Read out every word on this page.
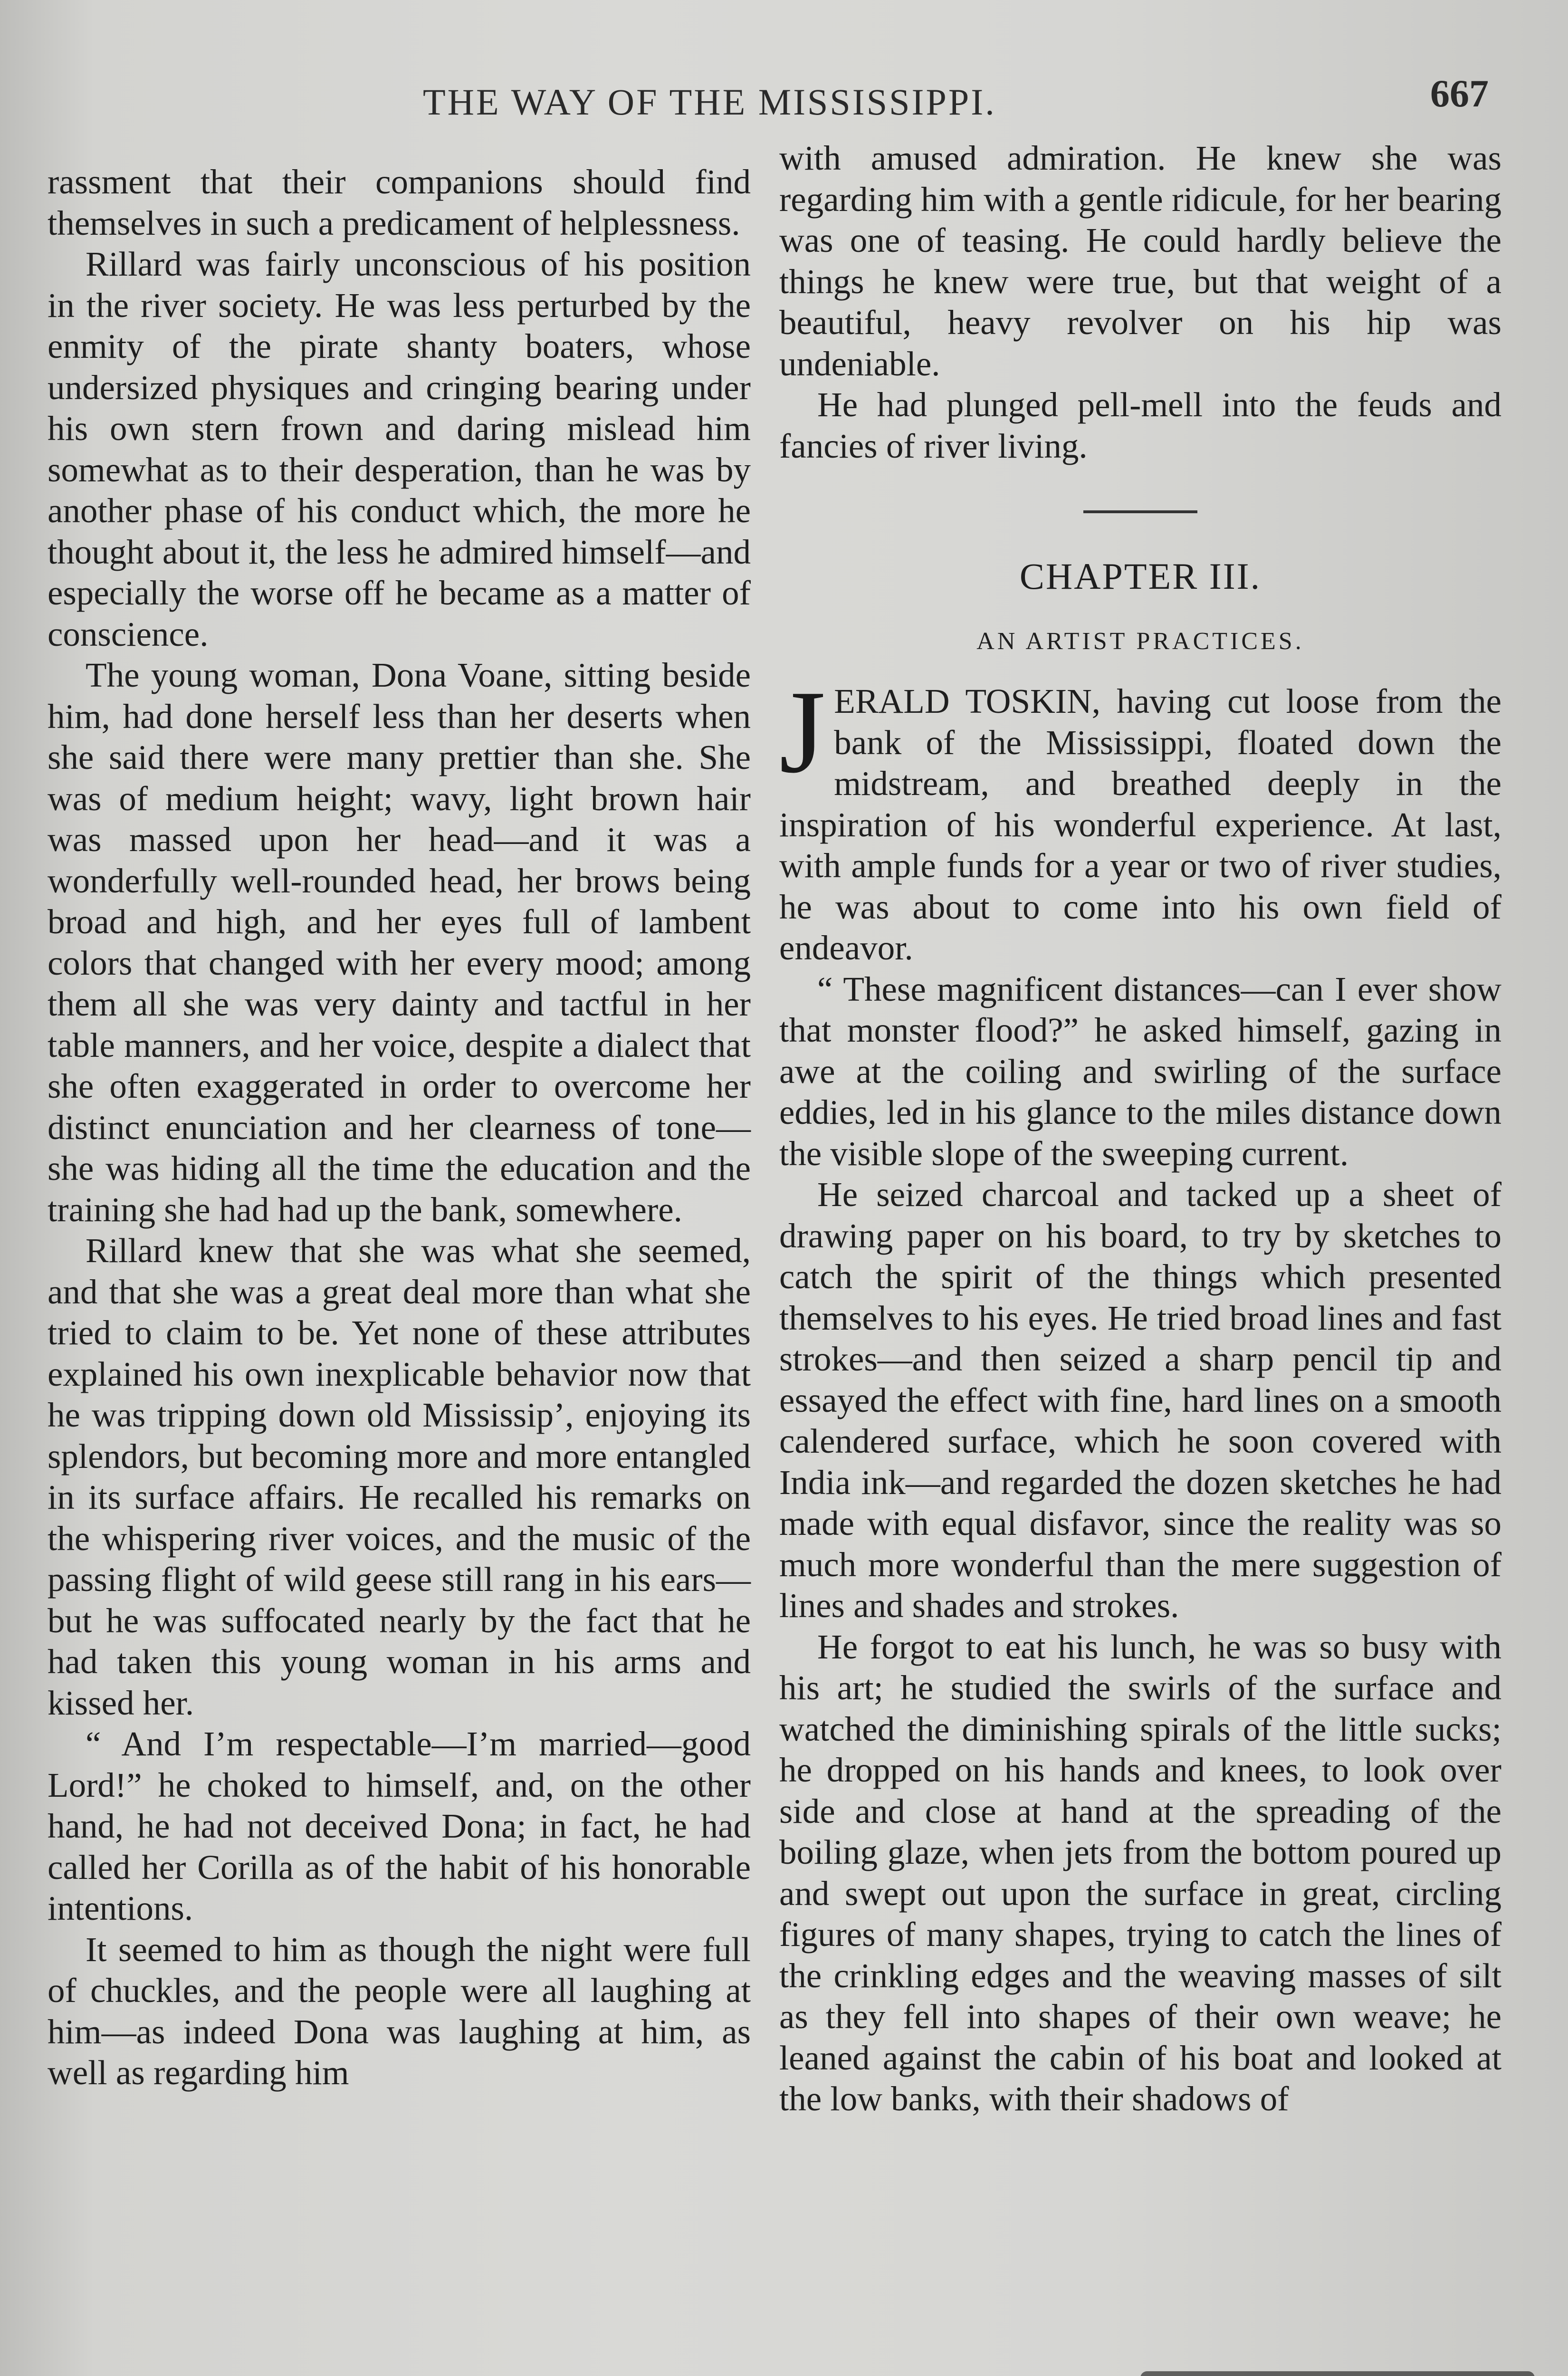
THE WAY OF THE MISSISSIPPI.	667

rassment that their companions should find themselves in such a predicament of helplessness.

Rillard was fairly unconscious of his position in the river society. He was less perturbed by the enmity of the pirate shanty boaters, whose undersized physiques and cringing bearing under his own stern frown and daring mislead him somewhat as to their desperation, than he was by another phase of his conduct which, the more he thought about it, the less he admired himself—and especially the worse off he became as a matter of conscience.

The young woman, Dona Voane, sitting beside him, had done herself less than her deserts when she said there were many prettier than she. She was of medium height; wavy, light brown hair was massed upon her head—and it was a wonderfully well-rounded head, her brows being broad and high, and her eyes full of lambent colors that changed with her every mood; among them all she was very dainty and tactful in her table manners, and her voice, despite a dialect that she often exaggerated in order to overcome her distinct enunciation and her clearness of tone—she was hiding all the time the education and the training she had had up the bank, somewhere.

Rillard knew that she was what she seemed, and that she was a great deal more than what she tried to claim to be. Yet none of these attributes explained his own inexplicable behavior now that he was tripping down old Mississip’, enjoying its splendors, but becoming more and more entangled in its surface affairs. He recalled his remarks on the whispering river voices, and the music of the passing flight of wild geese still rang in his ears—but he was suffocated nearly by the fact that he had taken this young woman in his arms and kissed her.

“ And I’m respectable—I’m married—good Lord!” he choked to himself, and, on the other hand, he had not deceived Dona; in fact, he had called her Corilla as of the habit of his honorable intentions.

It seemed to him as though the night were full of chuckles, and the people were all laughing at him—as indeed Dona was laughing at him, as well as regarding him

with amused admiration. He knew she was regarding him with a gentle ridicule, for her bearing was one of teasing. He could hardly believe the things he knew were true, but that weight of a beautiful, heavy revolver on his hip was undeniable.

He had plunged pell-mell into the feuds and fancies of river living.

CHAPTER III.
AN ARTIST PRACTICES.

JERALD TOSKIN, having cut loose from the bank of the Mississippi, floated down the midstream, and breathed deeply in the inspiration of his wonderful experience. At last, with ample funds for a year or two of river studies, he was about to come into his own field of endeavor.

“ These magnificent distances—can I ever show that monster flood?” he asked himself, gazing in awe at the coiling and swirling of the surface eddies, led in his glance to the miles distance down the visible slope of the sweeping current.

He seized charcoal and tacked up a sheet of drawing paper on his board, to try by sketches to catch the spirit of the things which presented themselves to his eyes. He tried broad lines and fast strokes—and then seized a sharp pencil tip and essayed the effect with fine, hard lines on a smooth calendered surface, which he soon covered with India ink—and regarded the dozen sketches he had made with equal disfavor, since the reality was so much more wonderful than the mere suggestion of lines and shades and strokes.

He forgot to eat his lunch, he was so busy with his art; he studied the swirls of the surface and watched the diminishing spirals of the little sucks; he dropped on his hands and knees, to look over side and close at hand at the spreading of the boiling glaze, when jets from the bottom poured up and swept out upon the surface in great, circling figures of many shapes, trying to catch the lines of the crinkling edges and the weaving masses of silt as they fell into shapes of their own weave; he leaned against the cabin of his boat and looked at the low banks, with their shadows of
